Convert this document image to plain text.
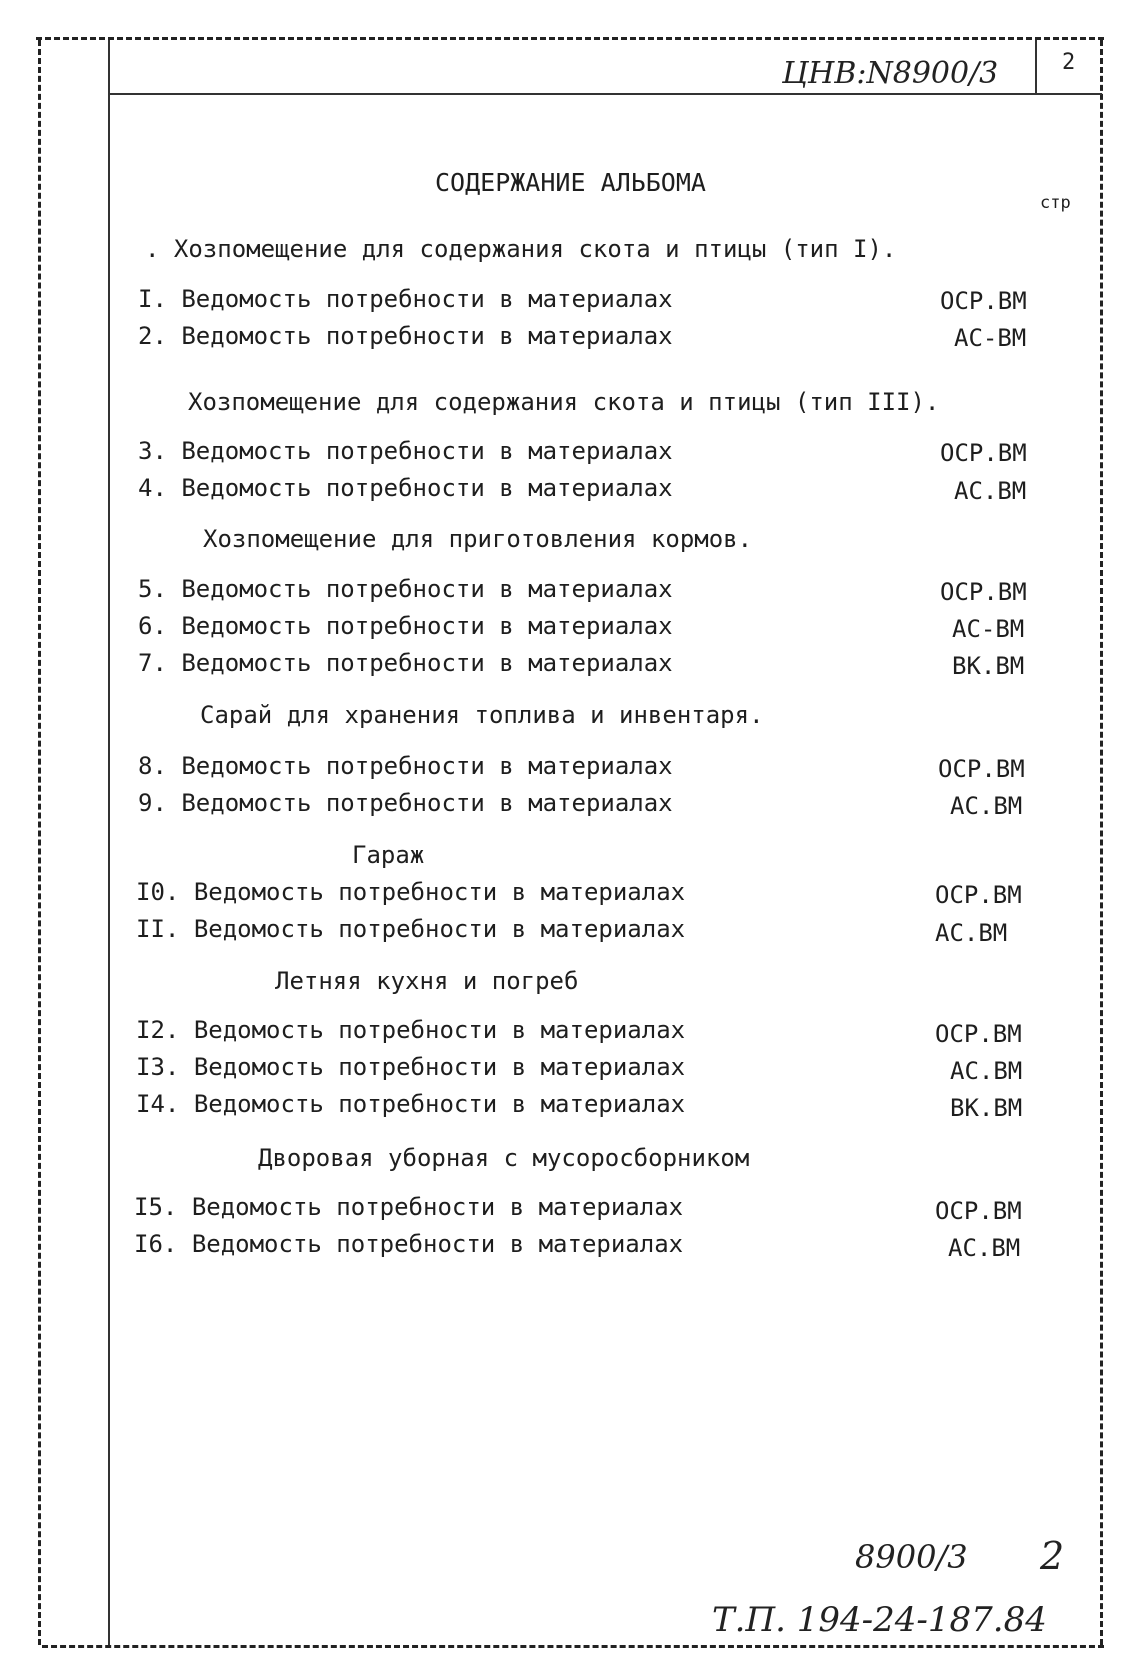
ЦНВ:N8900/3	2
стр
СОДЕРЖАНИЕ АЛЬБОМА
. Хозпомещение для содержания скота и птицы (тип I).
I. Ведомость потребности в материалах	ОСР.ВМ
2. Ведомость потребности в материалах	АС-ВМ
Хозпомещение для содержания скота и птицы (тип III).
3. Ведомость потребности в материалах	ОСР.ВМ
4. Ведомость потребности в материалах	АС.ВМ
Хозпомещение для приготовления кормов.
5. Ведомость потребности в материалах	ОСР.ВМ
6. Ведомость потребности в материалах	АС-ВМ
7. Ведомость потребности в материалах	ВК.ВМ
Сарай для хранения топлива и инвентаря.
8. Ведомость потребности в материалах	ОСР.ВМ
9. Ведомость потребности в материалах	АС.ВМ
Гараж
I0. Ведомость потребности в материалах	ОСР.ВМ
II. Ведомость потребности в материалах	АС.ВМ
Летняя кухня и погреб
I2. Ведомость потребности в материалах	ОСР.ВМ
I3. Ведомость потребности в материалах	АС.ВМ
I4. Ведомость потребности в материалах	ВК.ВМ
Дворовая уборная с мусоросборником
I5. Ведомость потребности в материалах	ОСР.ВМ
I6. Ведомость потребности в материалах	АС.ВМ
8900/3 2
Т.П. 194-24-187.84
